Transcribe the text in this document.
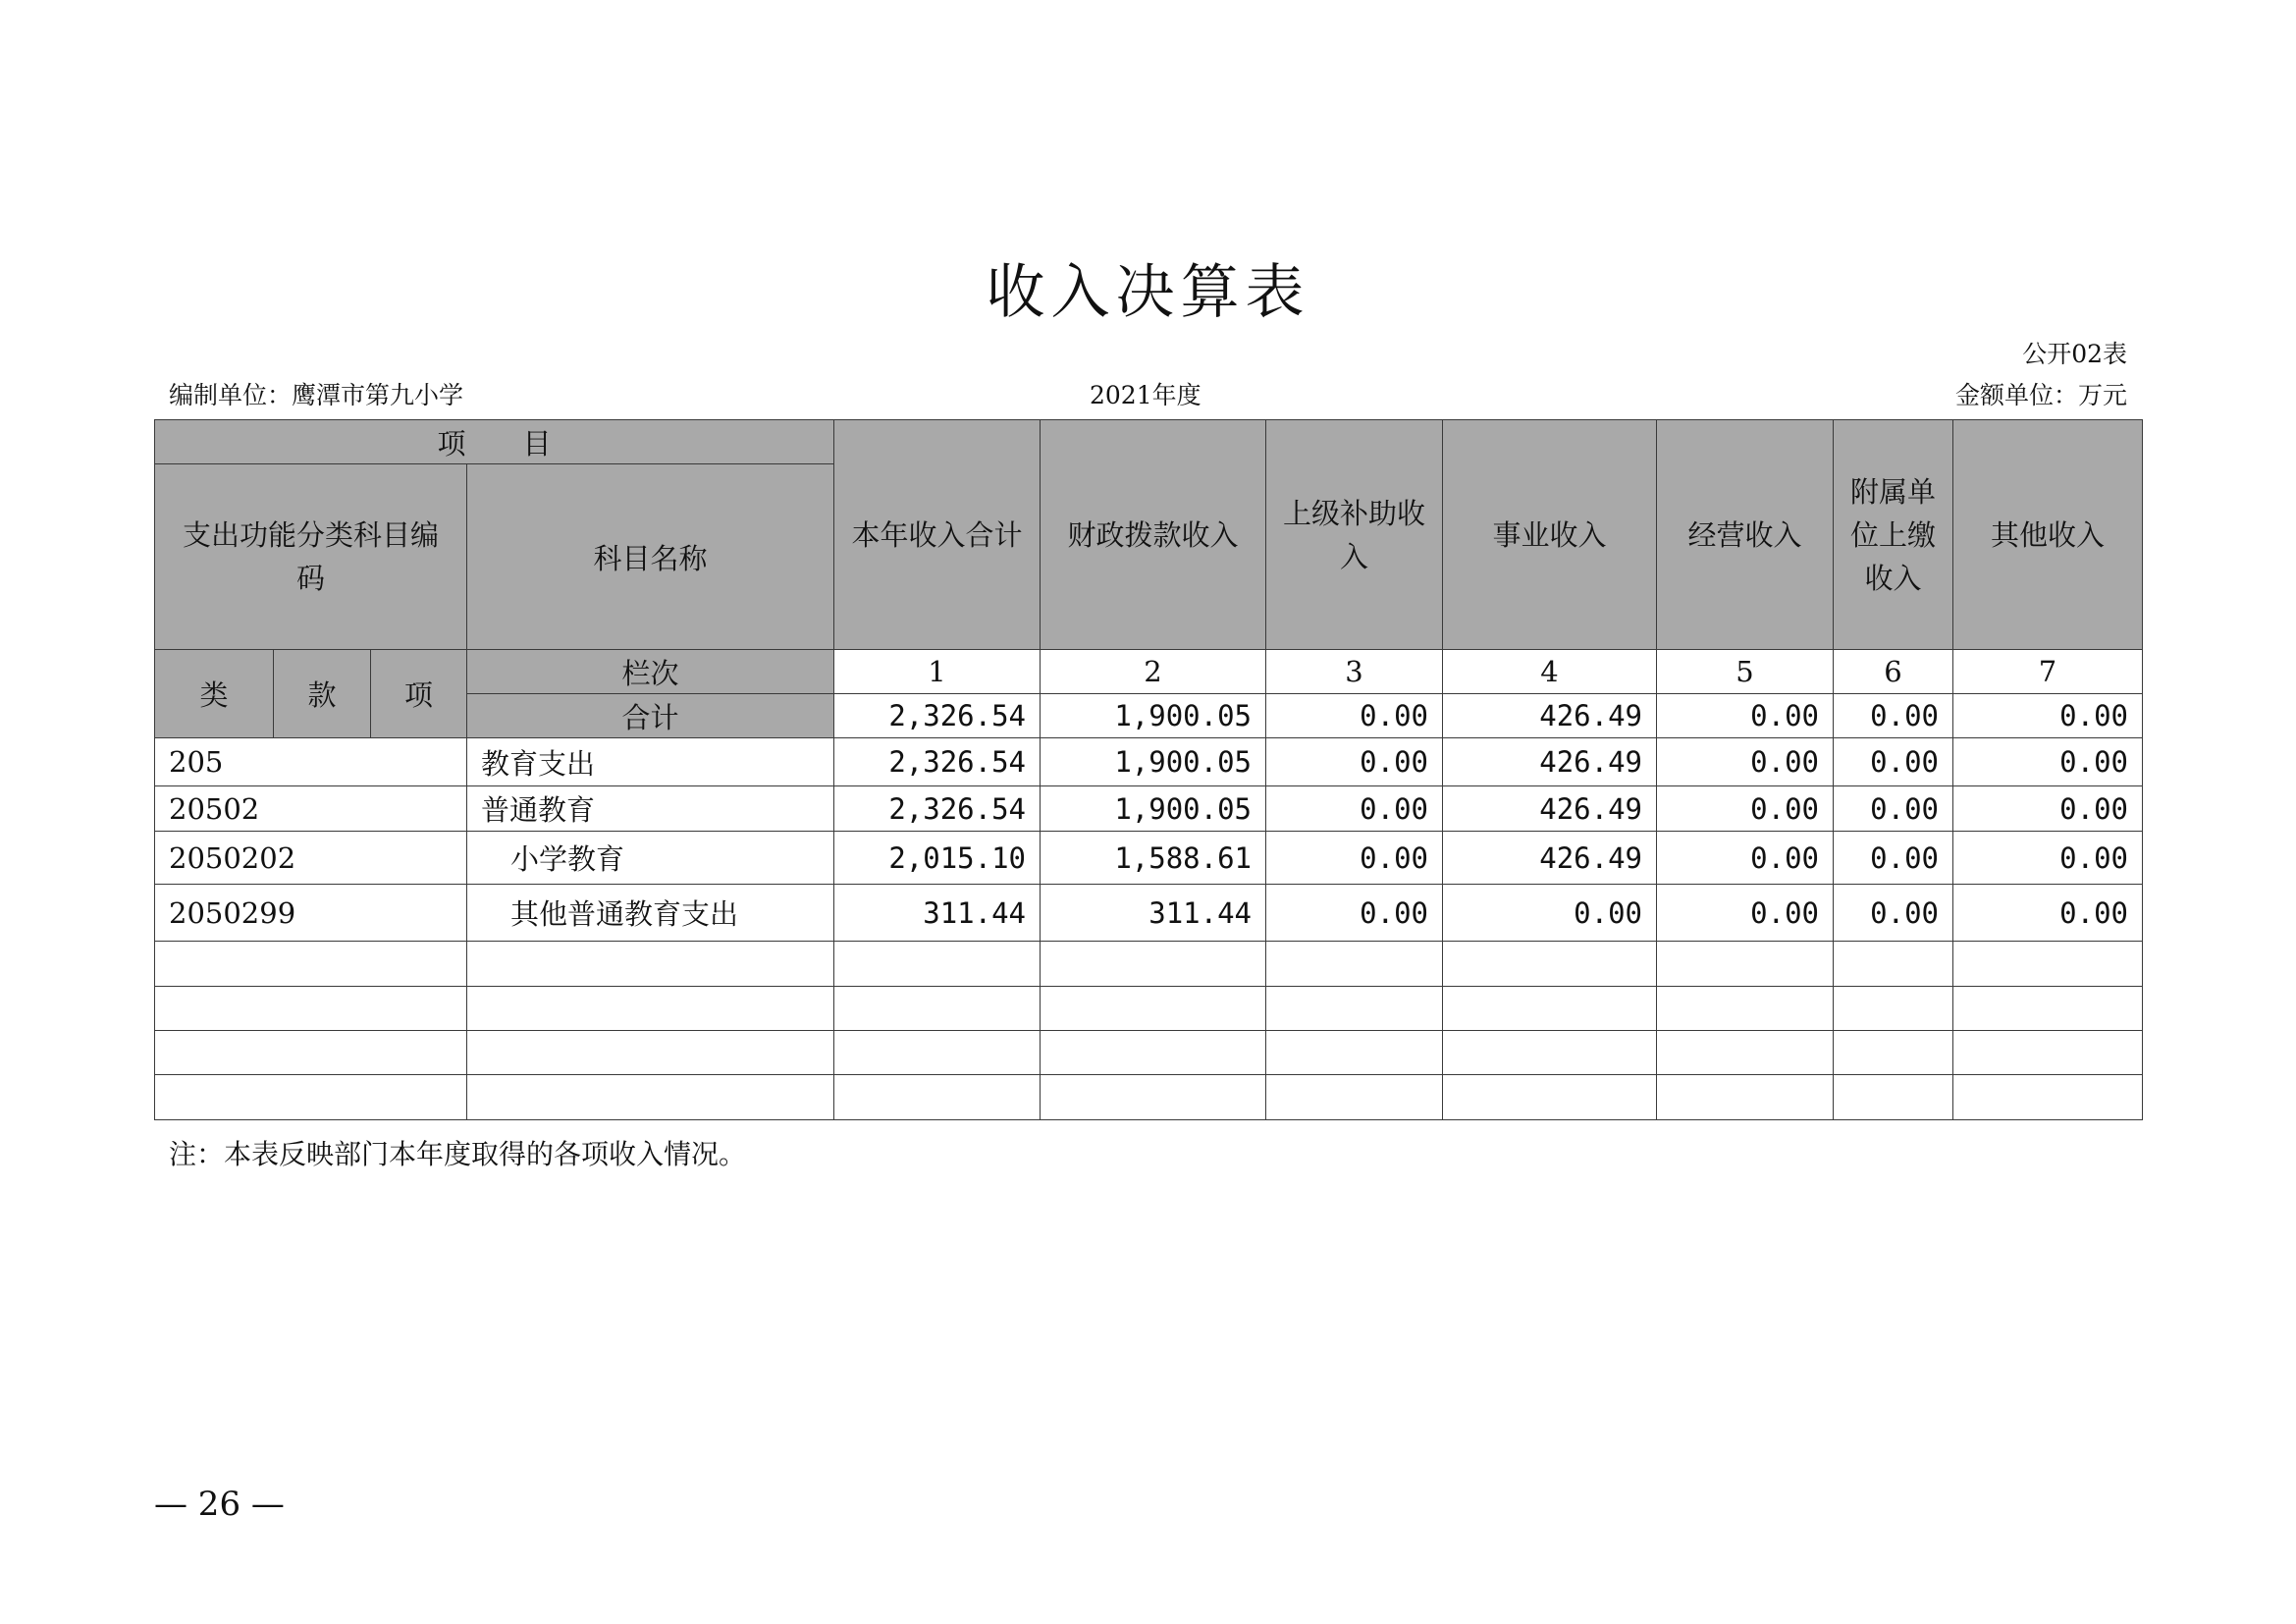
收入决算表
公开02表
编制单位：鹰潭市第九小学	2021年度	金额单位：万元
项　　目				本年收入合计	财政拨款收入	上级补助收入	事业收入	经营收入	附属单位上缴收入	其他收入
支出功能分类科目编码			科目名称							
类	款	项	栏次	1	2	3	4	5	6	7
			合计	2,326.54	1,900.05	0.00	426.49	0.00	0.00	0.00
205			教育支出	2,326.54	1,900.05	0.00	426.49	0.00	0.00	0.00
20502			普通教育	2,326.54	1,900.05	0.00	426.49	0.00	0.00	0.00
2050202			小学教育	2,015.10	1,588.61	0.00	426.49	0.00	0.00	0.00
2050299			其他普通教育支出	311.44	311.44	0.00	0.00	0.00	0.00	0.00

注：本表反映部门本年度取得的各项收入情况。
— 26 —
